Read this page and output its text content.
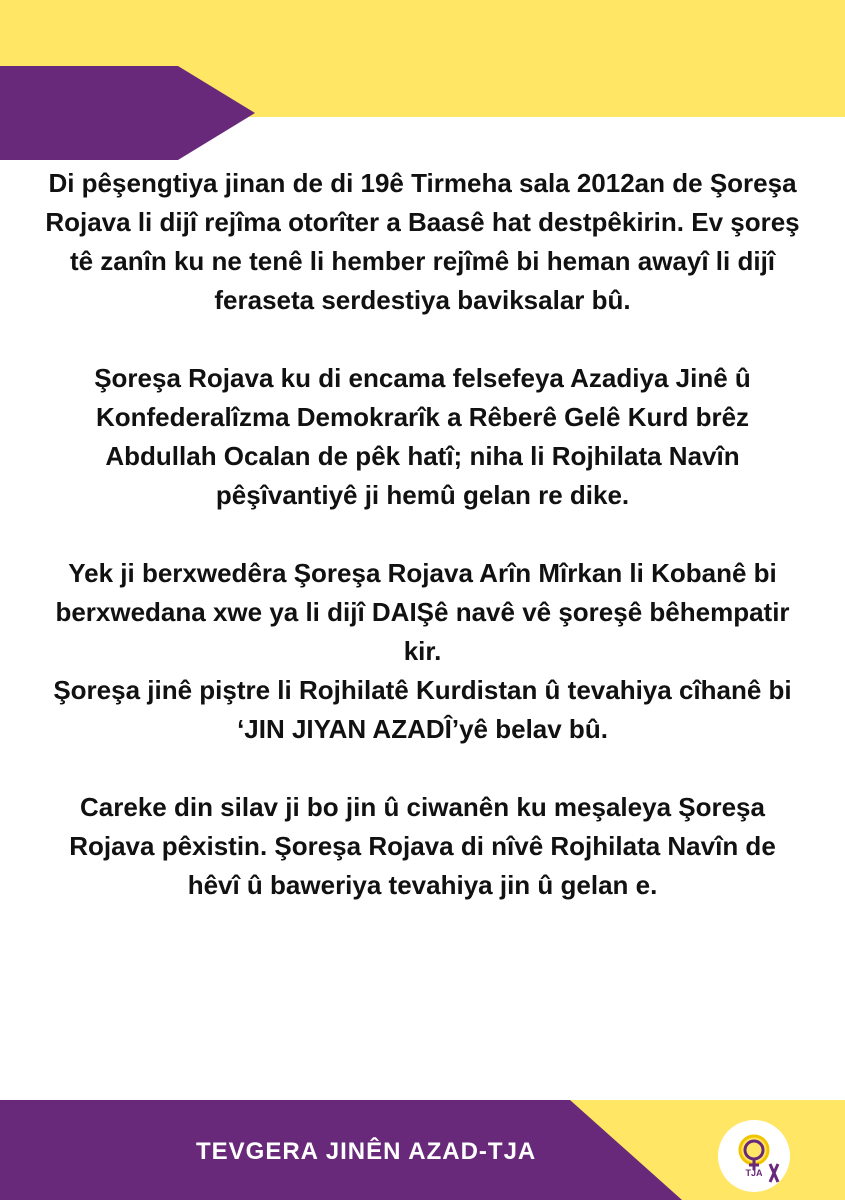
Di pêşengtiya jinan de di 19ê Tirmeha sala 2012an de Şoreşa Rojava li dijî rejîma otorîter a Baasê hat destpêkirin. Ev şoreş tê zanîn ku ne tenê li hember rejîmê bi heman awayî li dijî feraseta serdestiya baviksalar bû.

Şoreşa Rojava ku di encama felsefeya Azadiya Jinê û Konfederalîzma Demokrarîk a Rêberê Gelê Kurd brêz Abdullah Ocalan de pêk hatî; niha li Rojhilata Navîn pêşîvantiyê ji hemû gelan re dike.

Yek ji berxwedêra Şoreşa Rojava Arîn Mîrkan li Kobanê bi berxwedana xwe ya li dijî DAIŞê navê vê şoreşê bêhempatir kir.

Şoreşa jinê piştre li Rojhilatê Kurdistan û tevahiya cîhanê bi ‘JIN JIYAN AZADÎ’yê belav bû.

Careke din silav ji bo jin û ciwanên ku meşaleya Şoreşa Rojava pêxistin. Şoreşa Rojava di nîvê Rojhilata Navîn de hêvî û baweriya tevahiya jin û gelan e.

TEVGERA JINÊN AZAD-TJA
TJA
